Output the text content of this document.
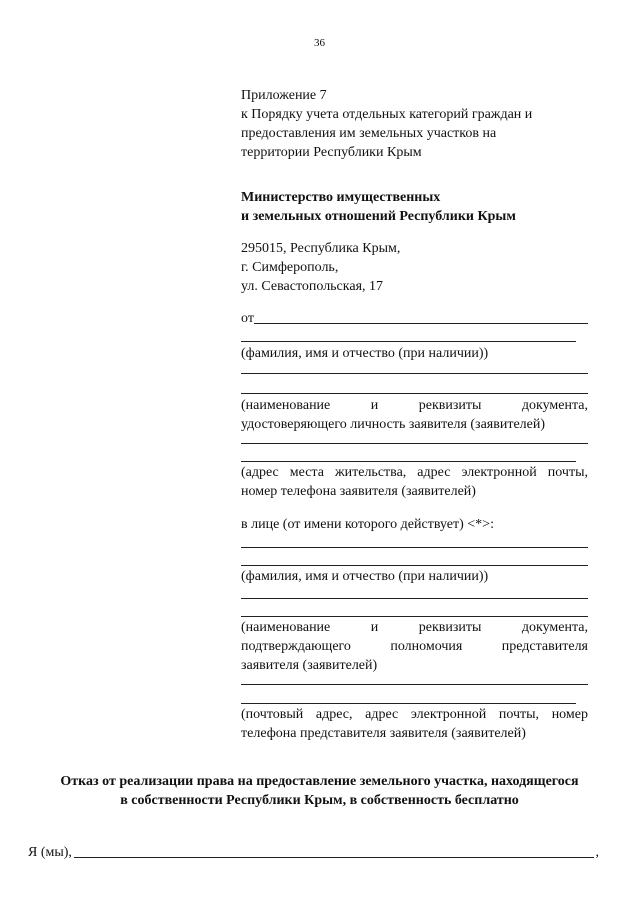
36
Приложение 7
к Порядку учета отдельных категорий граждан и
предоставления им земельных участков на
территории Республики Крым
Министерство имущественных
и земельных отношений Республики Крым
295015, Республика Крым,
г. Симферополь,
ул. Севастопольская, 17
от
(фамилия, имя и отчество (при наличии))
(наименование и реквизиты документа,
удостоверяющего личность заявителя (заявителей)
(адрес места жительства, адрес электронной почты,
номер телефона заявителя (заявителей)
в лице (от имени которого действует) <*>:
(фамилия, имя и отчество (при наличии))
(наименование и реквизиты документа,
подтверждающего полномочия представителя
заявителя (заявителей)
(почтовый адрес, адрес электронной почты, номер
телефона представителя заявителя (заявителей)
Отказ от реализации права на предоставление земельного участка, находящегося
в собственности Республики Крым, в собственность бесплатно
Я (мы),	,
